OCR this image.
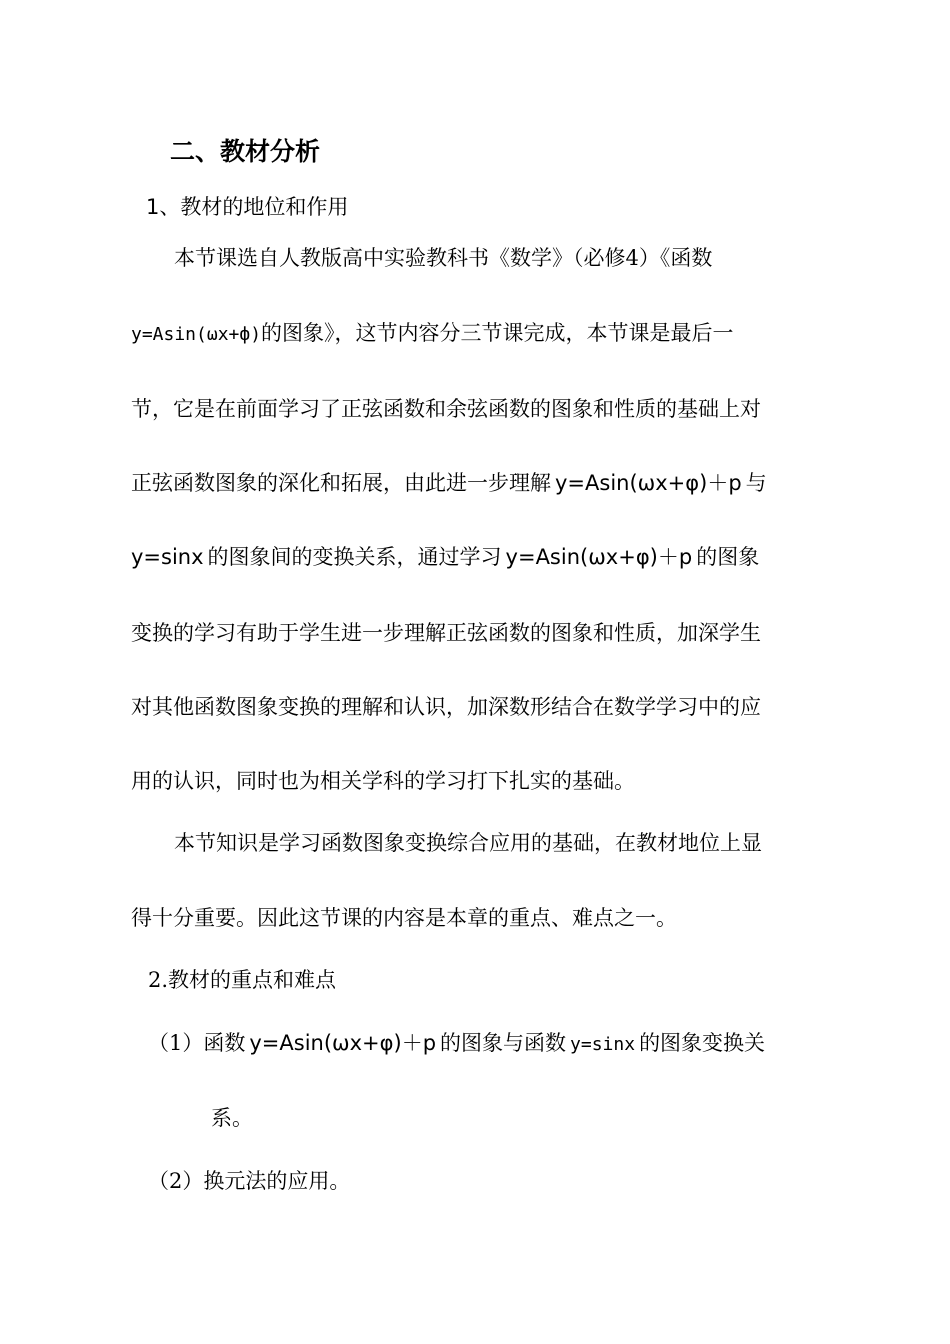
二、教材分析
1、教材的地位和作用
本节课选自人教版高中实验教科书《数学》（必修4）《函数
y=Asin(ωx+ф)的图象》，这节内容分三节课完成，本节课是最后一
节，它是在前面学习了正弦函数和余弦函数的图象和性质的基础上对
正弦函数图象的深化和拓展，由此进一步理解 y=Asin(ωx+φ)＋p 与
y=sinx 的图象间的变换关系，通过学习 y=Asin(ωx+φ)＋p 的图象
变换的学习有助于学生进一步理解正弦函数的图象和性质，加深学生
对其他函数图象变换的理解和认识，加深数形结合在数学学习中的应
用的认识，同时也为相关学科的学习打下扎实的基础。
本节知识是学习函数图象变换综合应用的基础，在教材地位上显
得十分重要。因此这节课的内容是本章的重点、难点之一。
2.教材的重点和难点
（1）函数 y=Asin(ωx+φ)＋p 的图象与函数 y=sinx 的图象变换关
系。
（2）换元法的应用。
